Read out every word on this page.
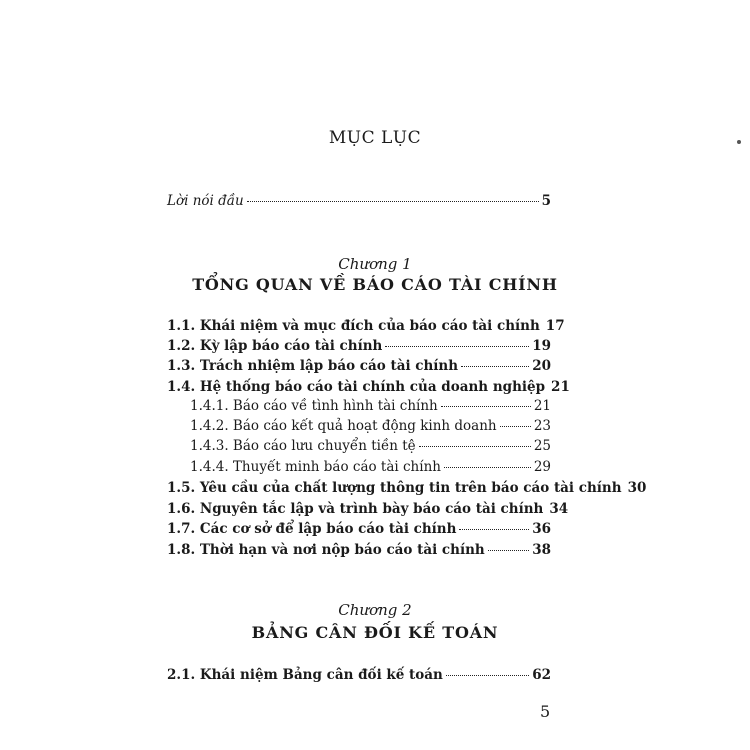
MỤC LỤC
Lời nói đầu	5
Chương 1
TỔNG QUAN VỀ BÁO CÁO TÀI CHÍNH
1.1. Khái niệm và mục đích của báo cáo tài chính 17
1.2. Kỳ lập báo cáo tài chính	19
1.3. Trách nhiệm lập báo cáo tài chính	20
1.4. Hệ thống báo cáo tài chính của doanh nghiệp 21
1.4.1. Báo cáo về tình hình tài chính	21
1.4.2. Báo cáo kết quả hoạt động kinh doanh	23
1.4.3. Báo cáo lưu chuyển tiền tệ	25
1.4.4. Thuyết minh báo cáo tài chính	29
1.5. Yêu cầu của chất lượng thông tin trên báo cáo tài chính 30
1.6. Nguyên tắc lập và trình bày báo cáo tài chính 34
1.7. Các cơ sở để lập báo cáo tài chính	36
1.8. Thời hạn và nơi nộp báo cáo tài chính	38
Chương 2
BẢNG CÂN ĐỐI KẾ TOÁN
2.1. Khái niệm Bảng cân đối kế toán	62
5
